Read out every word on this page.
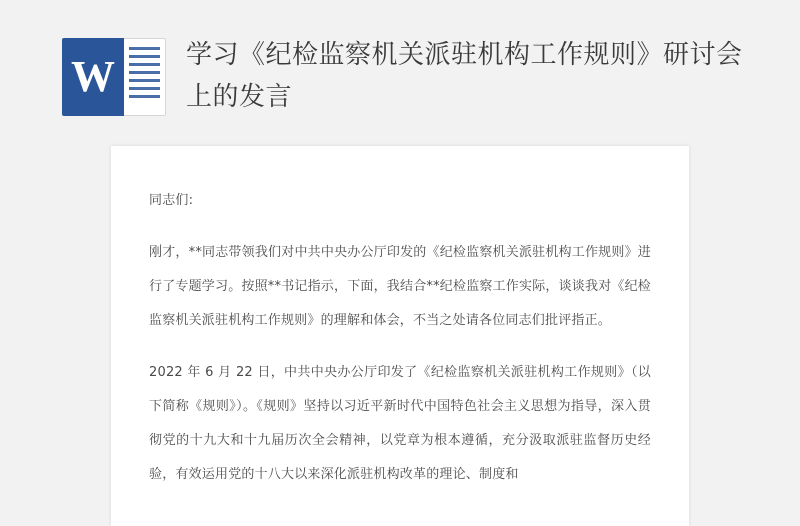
W	学习《纪检监察机关派驻机构工作规则》研讨会上的发言

同志们:

刚才，**同志带领我们对中共中央办公厅印发的《纪检监察机关派驻机构工作规则》进行了专题学习。按照**书记指示，下面，我结合**纪检监察工作实际，谈谈我对《纪检监察机关派驻机构工作规则》的理解和体会，不当之处请各位同志们批评指正。

2022 年 6 月 22 日，中共中央办公厅印发了《纪检监察机关派驻机构工作规则》（以下简称《规则》）。《规则》坚持以习近平新时代中国特色社会主义思想为指导，深入贯彻党的十九大和十九届历次全会精神，以党章为根本遵循，充分汲取派驻监督历史经验，有效运用党的十八大以来深化派驻机构改革的理论、制度和
